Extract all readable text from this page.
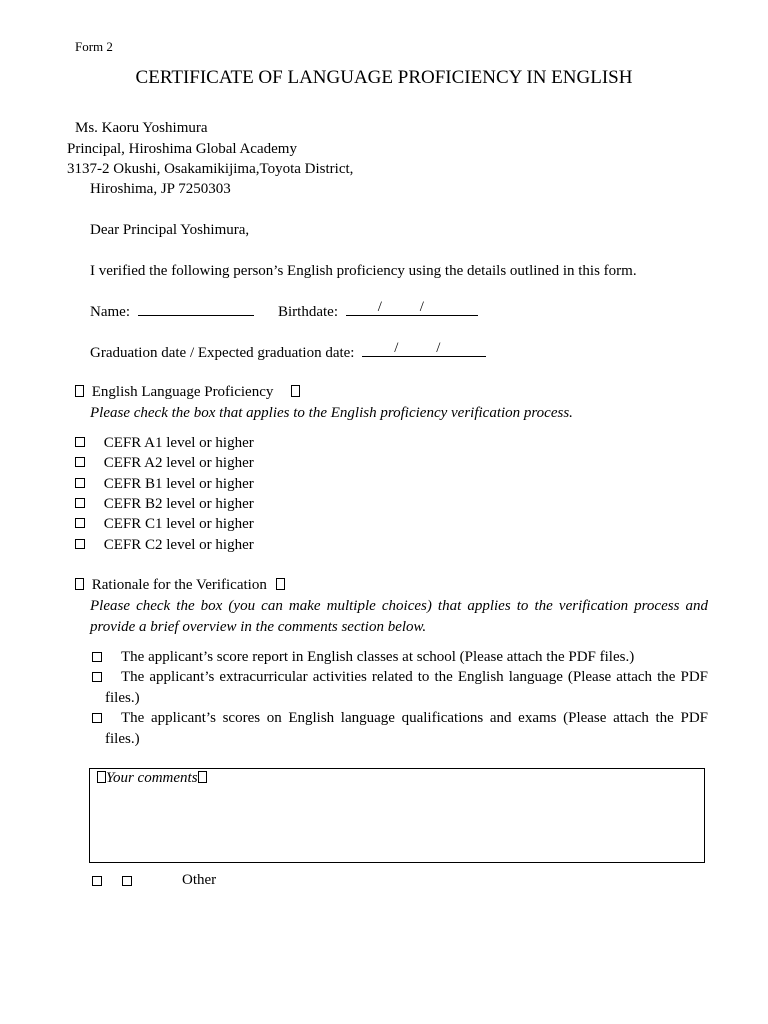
Form 2
CERTIFICATE OF LANGUAGE PROFICIENCY IN ENGLISH
Ms. Kaoru Yoshimura
Principal, Hiroshima Global Academy
3137-2 Okushi, Osakamikijima,Toyota District,
Hiroshima, JP 7250303
Dear Principal Yoshimura,
I verified the following person’s English proficiency using the details outlined in this form.
Name:	Birthdate:	/	/
Graduation date / Expected graduation date:	/	/
English Language Proficiency
Please check the box that applies to the English proficiency verification process.
CEFR A1 level or higher
CEFR A2 level or higher
CEFR B1 level or higher
CEFR B2 level or higher
CEFR C1 level or higher
CEFR C2 level or higher
Rationale for the Verification
Please check the box (you can make multiple choices) that applies to the verification process and provide a brief overview in the comments section below.
The applicant’s score report in English classes at school (Please attach the PDF files.)
The applicant’s extracurricular activities related to the English language (Please attach the PDF files.)
The applicant’s scores on English language qualifications and exams (Please attach the PDF files.)
Your comments
Other
